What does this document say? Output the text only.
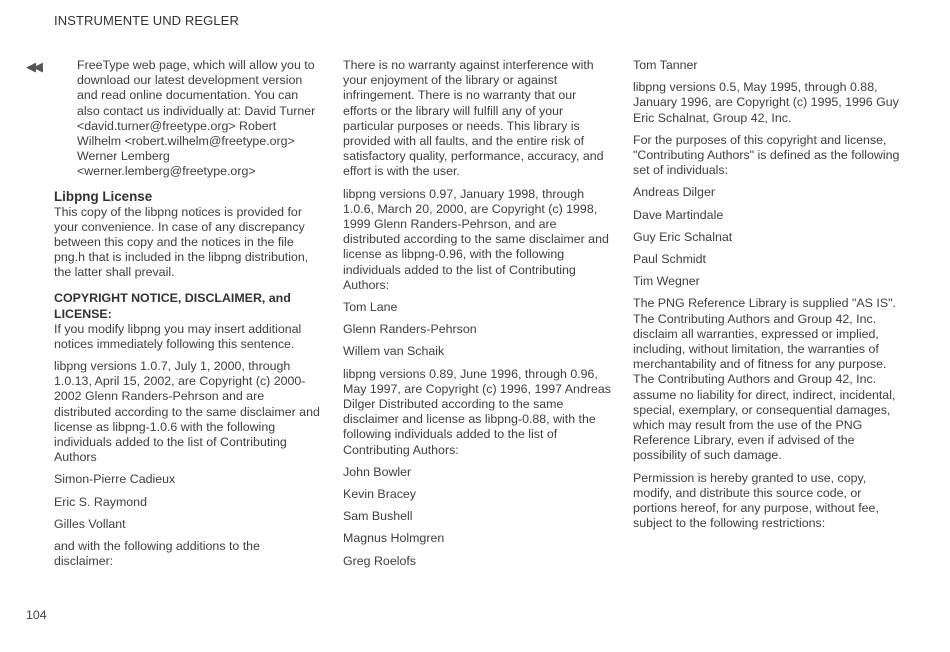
INSTRUMENTE UND REGLER
◀◀	FreeType web page, which will allow you to download our latest development version and read online documentation. You can also contact us individually at: David Turner <david.turner@freetype.org> Robert Wilhelm <robert.wilhelm@freetype.org> Werner Lemberg <werner.lemberg@freetype.org>

Libpng License

This copy of the libpng notices is provided for your convenience. In case of any discrepancy between this copy and the notices in the file png.h that is included in the libpng distribution, the latter shall prevail.

COPYRIGHT NOTICE, DISCLAIMER, and LICENSE:

If you modify libpng you may insert additional notices immediately following this sentence.

libpng versions 1.0.7, July 1, 2000, through 1.0.13, April 15, 2002, are Copyright (c) 2000-2002 Glenn Randers-Pehrson and are distributed according to the same disclaimer and license as libpng-1.0.6 with the following individuals added to the list of Contributing Authors

Simon-Pierre Cadieux

Eric S. Raymond

Gilles Vollant

and with the following additions to the disclaimer:

There is no warranty against interference with your enjoyment of the library or against infringement. There is no warranty that our efforts or the library will fulfill any of your particular purposes or needs. This library is provided with all faults, and the entire risk of satisfactory quality, performance, accuracy, and effort is with the user.

libpng versions 0.97, January 1998, through 1.0.6, March 20, 2000, are Copyright (c) 1998, 1999 Glenn Randers-Pehrson, and are distributed according to the same disclaimer and license as libpng-0.96, with the following individuals added to the list of Contributing Authors:

Tom Lane

Glenn Randers-Pehrson

Willem van Schaik

libpng versions 0.89, June 1996, through 0.96, May 1997, are Copyright (c) 1996, 1997 Andreas Dilger Distributed according to the same disclaimer and license as libpng-0.88, with the following individuals added to the list of Contributing Authors:

John Bowler

Kevin Bracey

Sam Bushell

Magnus Holmgren

Greg Roelofs

Tom Tanner

libpng versions 0.5, May 1995, through 0.88, January 1996, are Copyright (c) 1995, 1996 Guy Eric Schalnat, Group 42, Inc.

For the purposes of this copyright and license, "Contributing Authors" is defined as the following set of individuals:

Andreas Dilger

Dave Martindale

Guy Eric Schalnat

Paul Schmidt

Tim Wegner

The PNG Reference Library is supplied "AS IS". The Contributing Authors and Group 42, Inc. disclaim all warranties, expressed or implied, including, without limitation, the warranties of merchantability and of fitness for any purpose. The Contributing Authors and Group 42, Inc. assume no liability for direct, indirect, incidental, special, exemplary, or consequential damages, which may result from the use of the PNG Reference Library, even if advised of the possibility of such damage.

Permission is hereby granted to use, copy, modify, and distribute this source code, or portions hereof, for any purpose, without fee, subject to the following restrictions:

104
